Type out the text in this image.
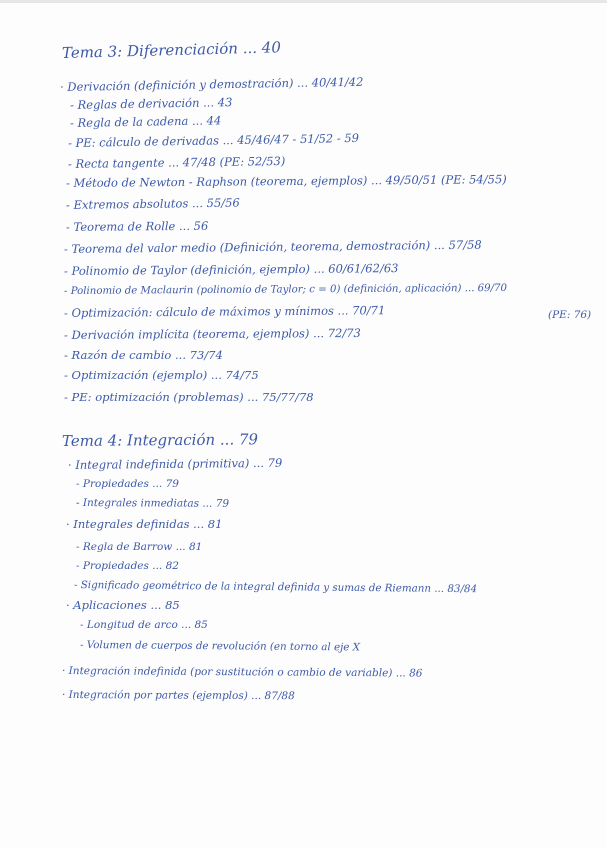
Tema 3: Diferenciación ... 40
· Derivación (definición y demostración) ... 40/41/42
- Reglas de derivación ... 43
- Regla de la cadena ... 44
- PE: cálculo de derivadas ... 45/46/47 - 51/52 - 59
- Recta tangente ... 47/48 (PE: 52/53)
- Método de Newton - Raphson (teorema, ejemplos) ... 49/50/51 (PE: 54/55)
- Extremos absolutos ... 55/56
- Teorema de Rolle ... 56
- Teorema del valor medio (Definición, teorema, demostración) ... 57/58
- Polinomio de Taylor (definición, ejemplo) ... 60/61/62/63
- Polinomio de Maclaurin (polinomio de Taylor; c = 0) (definición, aplicación) ... 69/70
- Optimización: cálculo de máximos y mínimos ... 70/71	(PE: 76)
- Derivación implícita (teorema, ejemplos) ... 72/73
- Razón de cambio ... 73/74
- Optimización (ejemplo) ... 74/75
- PE: optimización (problemas) ... 75/77/78
Tema 4: Integración ... 79
· Integral indefinida (primitiva) ... 79
- Propiedades ... 79
- Integrales inmediatas ... 79
· Integrales definidas ... 81
- Regla de Barrow ... 81
- Propiedades ... 82
- Significado geométrico de la integral definida y sumas de Riemann ... 83/84
· Aplicaciones ... 85
- Longitud de arco ... 85
- Volumen de cuerpos de revolución (en torno al eje X
· Integración indefinida (por sustitución o cambio de variable) ... 86
· Integración por partes (ejemplos) ... 87/88
